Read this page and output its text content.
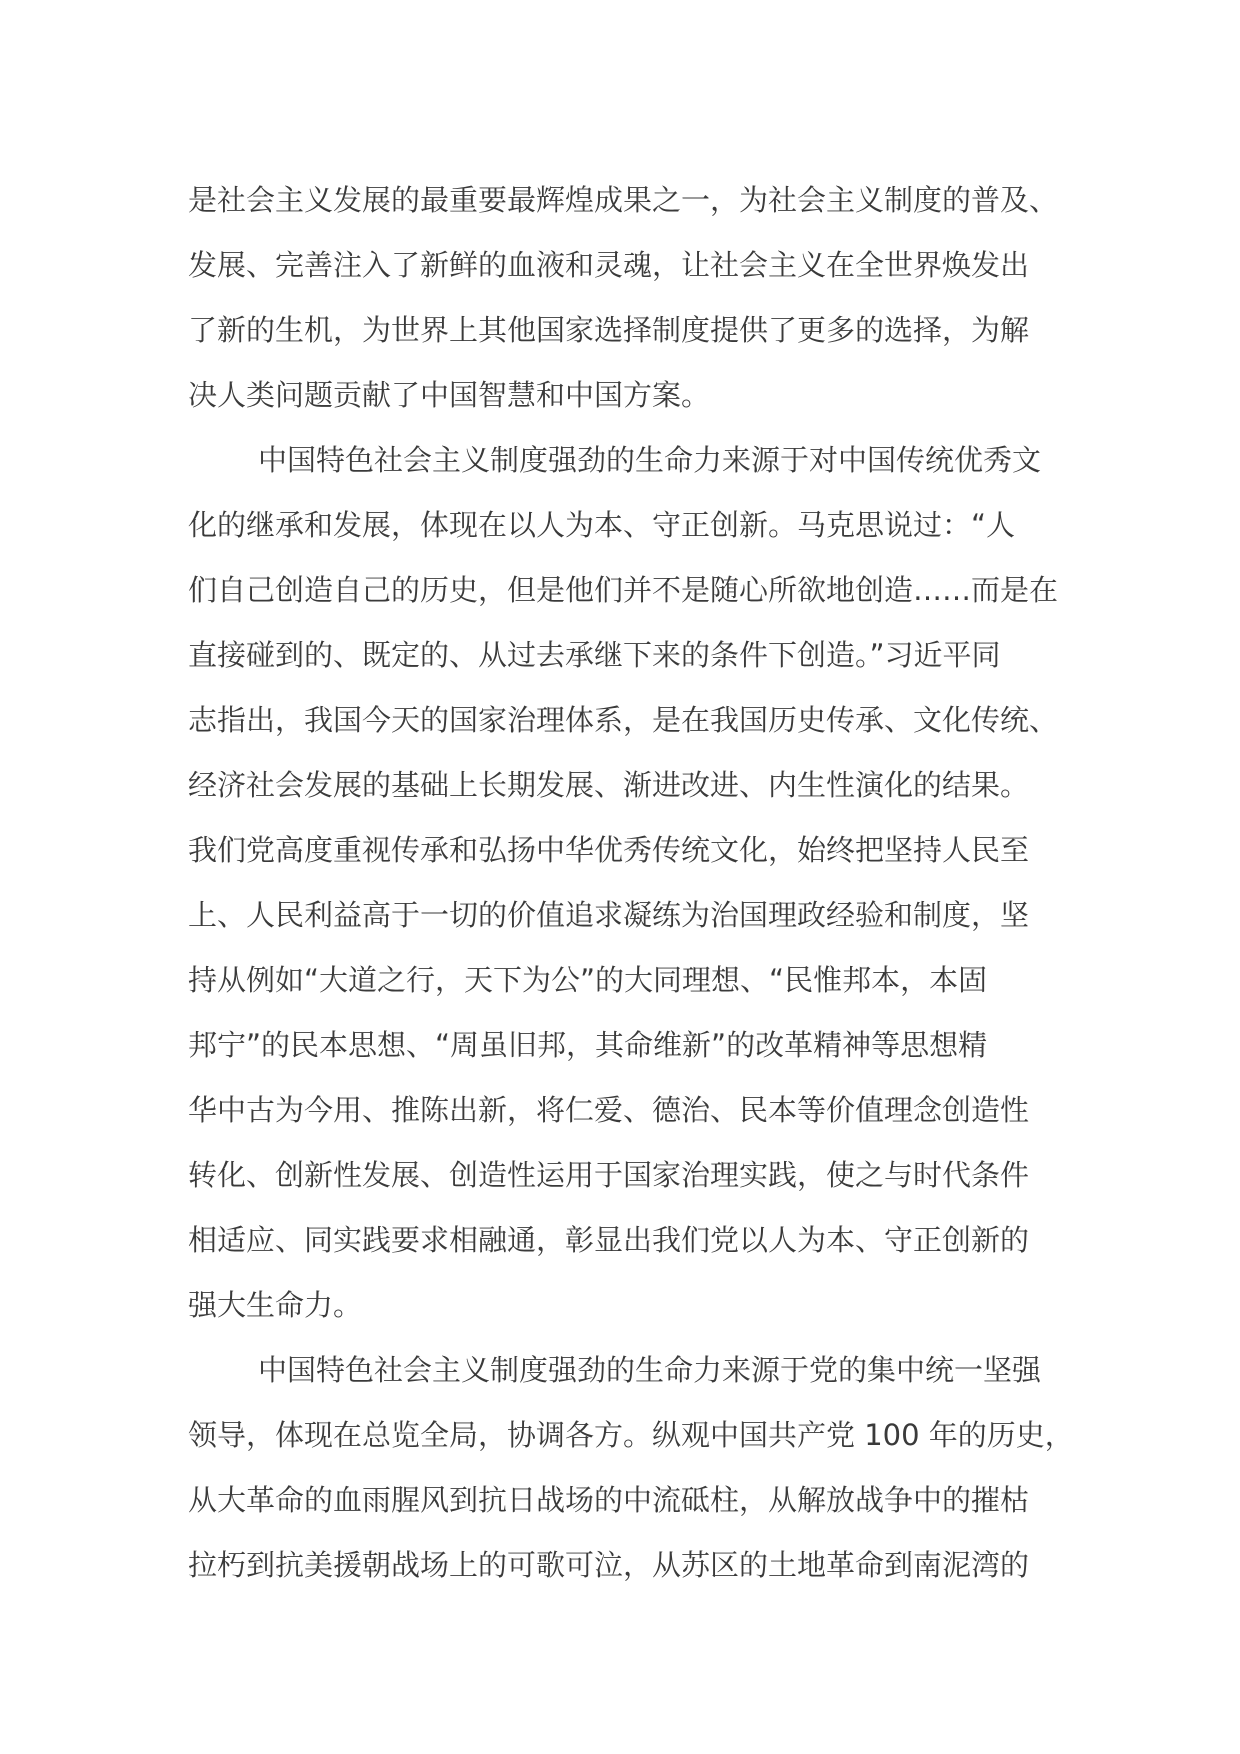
是社会主义发展的最重要最辉煌成果之一，为社会主义制度的普及、
发展、完善注入了新鲜的血液和灵魂，让社会主义在全世界焕发出
了新的生机，为世界上其他国家选择制度提供了更多的选择，为解
决人类问题贡献了中国智慧和中国方案。
中国特色社会主义制度强劲的生命力来源于对中国传统优秀文
化的继承和发展，体现在以人为本、守正创新。马克思说过：“人
们自己创造自己的历史，但是他们并不是随心所欲地创造……而是在
直接碰到的、既定的、从过去承继下来的条件下创造。”习近平同
志指出，我国今天的国家治理体系，是在我国历史传承、文化传统、
经济社会发展的基础上长期发展、渐进改进、内生性演化的结果。
我们党高度重视传承和弘扬中华优秀传统文化，始终把坚持人民至
上、人民利益高于一切的价值追求凝练为治国理政经验和制度，坚
持从例如“大道之行，天下为公”的大同理想、“民惟邦本，本固
邦宁”的民本思想、“周虽旧邦，其命维新”的改革精神等思想精
华中古为今用、推陈出新，将仁爱、德治、民本等价值理念创造性
转化、创新性发展、创造性运用于国家治理实践，使之与时代条件
相适应、同实践要求相融通，彰显出我们党以人为本、守正创新的
强大生命力。
中国特色社会主义制度强劲的生命力来源于党的集中统一坚强
领导，体现在总览全局，协调各方。纵观中国共产党 100 年的历史，
从大革命的血雨腥风到抗日战场的中流砥柱，从解放战争中的摧枯
拉朽到抗美援朝战场上的可歌可泣，从苏区的土地革命到南泥湾的
